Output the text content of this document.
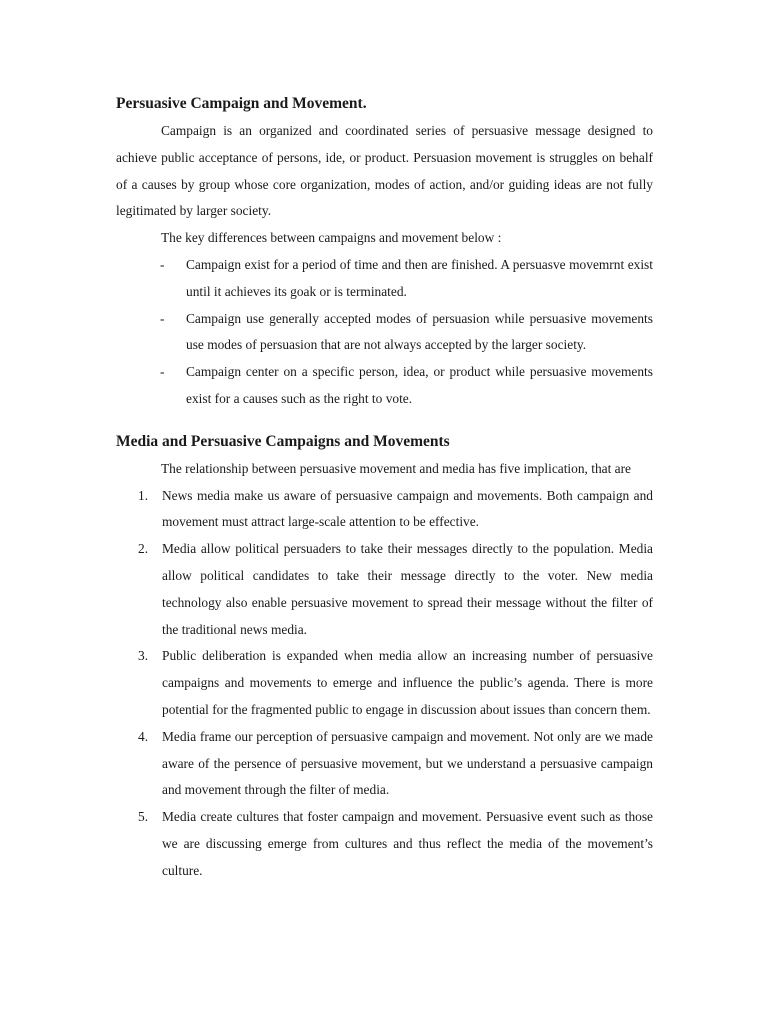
Persuasive Campaign and Movement.

Campaign is an organized and coordinated series of persuasive message designed to achieve public acceptance of persons, ide, or product. Persuasion movement is struggles on behalf of a causes by group whose core organization, modes of action, and/or guiding ideas are not fully legitimated by larger society.

The key differences between campaigns and movement below :

- Campaign exist for a period of time and then are finished. A persuasve movemrnt exist until it achieves its goak or is terminated.
- Campaign use generally accepted modes of persuasion while persuasive movements use modes of persuasion that are not always accepted by the larger society.
- Campaign center on a specific person, idea, or product while persuasive movements exist for a causes such as the right to vote.
Media and Persuasive Campaigns and Movements

The relationship between persuasive movement and media has five implication, that are

1. News media make us aware of persuasive campaign and movements. Both campaign and movement must attract large-scale attention to be effective.
2. Media allow political persuaders to take their messages directly to the population. Media allow political candidates to take their message directly to the voter. New media technology also enable persuasive movement to spread their message without the filter of the traditional news media.
3. Public deliberation is expanded when media allow an increasing number of persuasive campaigns and movements to emerge and influence the public’s agenda. There is more potential for the fragmented public to engage in discussion about issues than concern them.
4. Media frame our perception of persuasive campaign and movement. Not only are we made aware of the persence of persuasive movement, but we understand a persuasive campaign and movement through the filter of media.
5. Media create cultures that foster campaign and movement. Persuasive event such as those we are discussing emerge from cultures and thus reflect the media of the movement’s culture.
